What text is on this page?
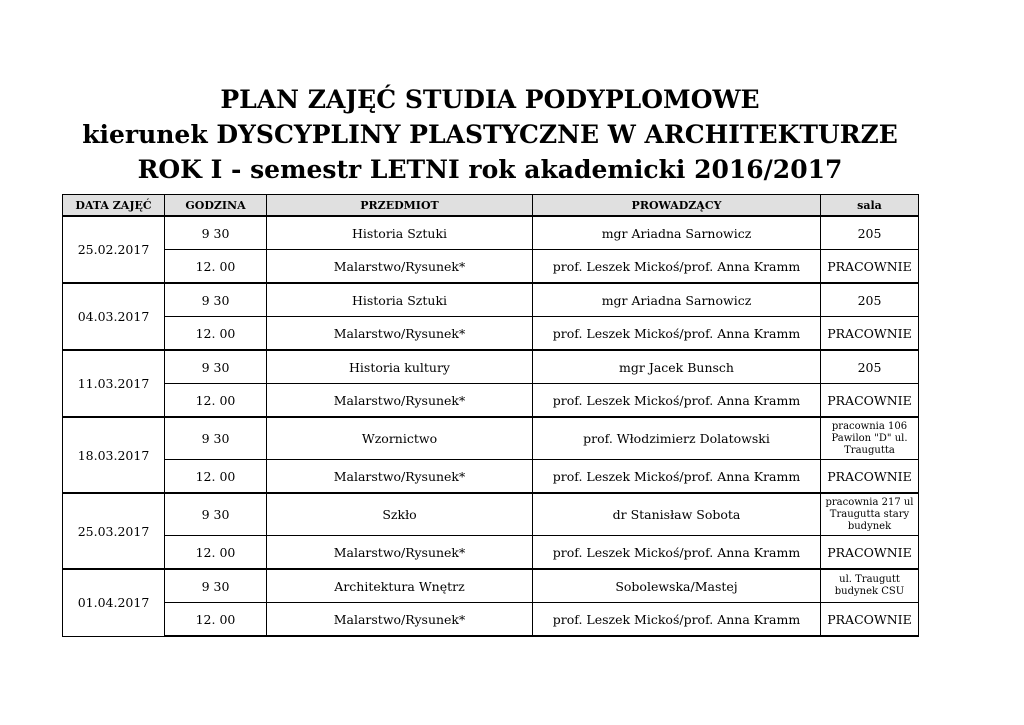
PLAN ZAJĘĆ STUDIA PODYPLOMOWE
kierunek DYSCYPLINY PLASTYCZNE W ARCHITEKTURZE
ROK I - semestr LETNI rok akademicki 2016/2017
DATA ZAJĘĆ	GODZINA	PRZEDMIOT	PROWADZĄCY	sala
25.02.2017	9 30	Historia Sztuki	mgr Ariadna Sarnowicz	205
	12. 00	Malarstwo/Rysunek*	prof. Leszek Mickoś/prof. Anna Kramm	PRACOWNIE
04.03.2017	9 30	Historia Sztuki	mgr Ariadna Sarnowicz	205
	12. 00	Malarstwo/Rysunek*	prof. Leszek Mickoś/prof. Anna Kramm	PRACOWNIE
11.03.2017	9 30	Historia kultury	mgr Jacek Bunsch	205
	12. 00	Malarstwo/Rysunek*	prof. Leszek Mickoś/prof. Anna Kramm	PRACOWNIE
18.03.2017	9 30	Wzornictwo	prof. Włodzimierz Dolatowski	pracownia 106 Pawilon "D" ul. Traugutta
	12. 00	Malarstwo/Rysunek*	prof. Leszek Mickoś/prof. Anna Kramm	PRACOWNIE
25.03.2017	9 30	Szkło	dr Stanisław Sobota	pracownia 217 ul Traugutta stary budynek
	12. 00	Malarstwo/Rysunek*	prof. Leszek Mickoś/prof. Anna Kramm	PRACOWNIE
01.04.2017	9 30	Architektura Wnętrz	Sobolewska/Mastej	ul. Traugutt budynek CSU
	12. 00	Malarstwo/Rysunek*	prof. Leszek Mickoś/prof. Anna Kramm	PRACOWNIE
